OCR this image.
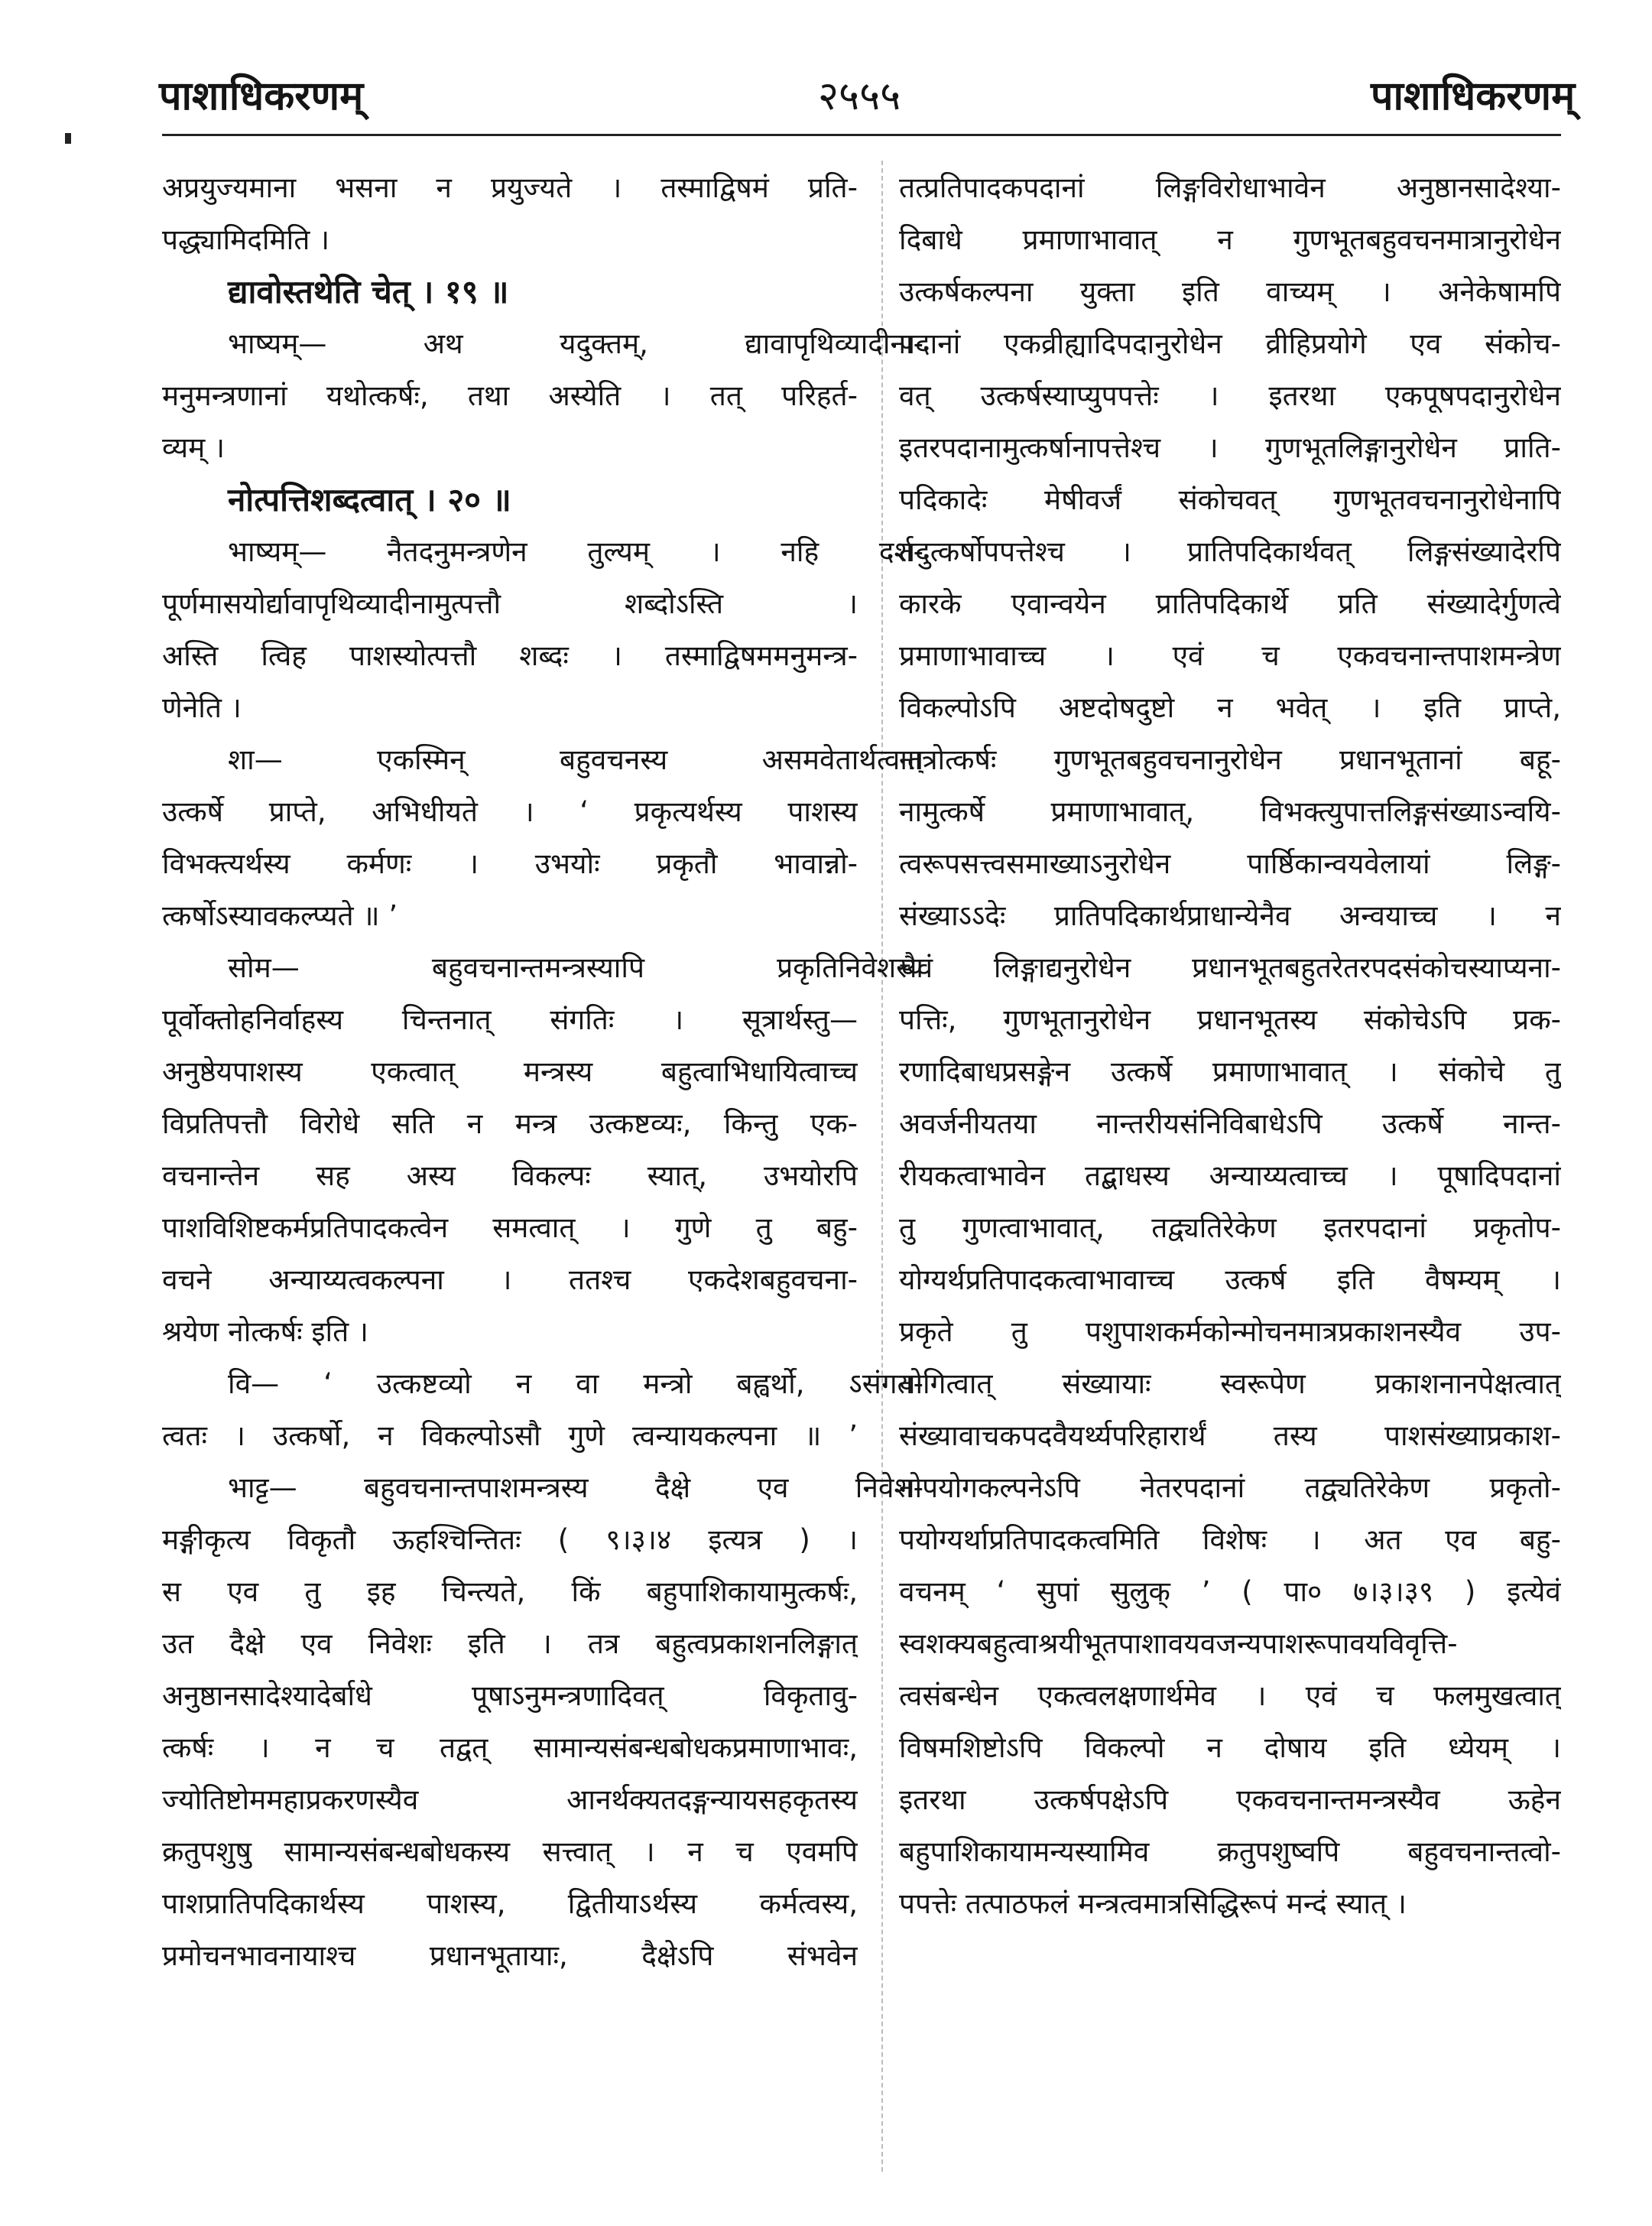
पाशाधिकरणम्	२५५५	पाशाधिकरणम्
अप्रयुज्यमाना भसना न प्रयुज्यते । तस्माद्विषमं प्रति-
पद्ध्यामिदमिति ।
द्यावोस्तथेति चेत् । १९ ॥
भाष्यम्— अथ यदुक्तम्, द्यावापृथिव्यादीना-
मनुमन्त्रणानां यथोत्कर्षः, तथा अस्येति । तत् परिहर्त-
व्यम् ।
नोत्पत्तिशब्दत्वात् । २० ॥
भाष्यम्— नैतदनुमन्त्रणेन तुल्यम् । नहि दर्श-
पूर्णमासयोर्द्यावापृथिव्यादीनामुत्पत्तौ शब्दोऽस्ति ।
अस्ति त्विह पाशस्योत्पत्तौ शब्दः । तस्माद्विषममनुमन्त्र-
णेनेति ।
शा— एकस्मिन् बहुवचनस्य असमवेतार्थत्वात्
उत्कर्षे प्राप्ते, अभिधीयते । ‘ प्रकृत्यर्थस्य पाशस्य
विभक्त्यर्थस्य कर्मणः । उभयोः प्रकृतौ भावान्नो-
त्कर्षोऽस्यावकल्प्यते ॥ ’
सोम— बहुवचनान्तमन्त्रस्यापि प्रकृतिनिवेशस्य
पूर्वोक्तोहनिर्वाहस्य चिन्तनात् संगतिः । सूत्रार्थस्तु—
अनुष्ठेयपाशस्य एकत्वात् मन्त्रस्य बहुत्वाभिधायित्वाच्च
विप्रतिपत्तौ विरोधे सति न मन्त्र उत्कष्टव्यः, किन्तु एक-
वचनान्तेन सह अस्य विकल्पः स्यात्, उभयोरपि
पाशविशिष्टकर्मप्रतिपादकत्वेन समत्वात् । गुणे तु बहु-
वचने अन्याय्यत्वकल्पना । ततश्च एकदेशबहुवचना-
श्रयेण नोत्कर्षः इति ।
वि— ‘ उत्कष्टव्यो न वा मन्त्रो बह्वर्थो, ऽसंगत-
त्वतः । उत्कर्षो, न विकल्पोऽसौ गुणे त्वन्यायकल्पना ॥ ’
भाट्ट— बहुवचनान्तपाशमन्त्रस्य दैक्षे एव निवेश-
मङ्गीकृत्य विकृतौ ऊहश्चिन्तितः ( ९।३।४ इत्यत्र ) ।
स एव तु इह चिन्त्यते, किं बहुपाशिकायामुत्कर्षः,
उत दैक्षे एव निवेशः इति । तत्र बहुत्वप्रकाशनलिङ्गात्
अनुष्ठानसादेश्यादेर्बाधे पूषाऽनुमन्त्रणादिवत् विकृतावु-
त्कर्षः । न च तद्वत् सामान्यसंबन्धबोधकप्रमाणाभावः,
ज्योतिष्टोममहाप्रकरणस्यैव आनर्थक्यतदङ्गन्यायसहकृतस्य
क्रतुपशुषु सामान्यसंबन्धबोधकस्य सत्त्वात् । न च एवमपि
पाशप्रातिपदिकार्थस्य पाशस्य, द्वितीयाऽर्थस्य कर्मत्वस्य,
प्रमोचनभावनायाश्च प्रधानभूतायाः, दैक्षेऽपि संभवेन
तत्प्रतिपादकपदानां लिङ्गविरोधाभावेन अनुष्ठानसादेश्या-
दिबाधे प्रमाणाभावात् न गुणभूतबहुवचनमात्रानुरोधेन
उत्कर्षकल्पना युक्ता इति वाच्यम् । अनेकेषामपि
पदानां एकव्रीह्यादिपदानुरोधेन व्रीहिप्रयोगे एव संकोच-
वत् उत्कर्षस्याप्युपपत्तेः । इतरथा एकपूषपदानुरोधेन
इतरपदानामुत्कर्षानापत्तेश्च । गुणभूतलिङ्गानुरोधेन प्राति-
पदिकादेः मेषीवर्जं संकोचवत् गुणभूतवचनानुरोधेनापि
तदुत्कर्षोपपत्तेश्च । प्रातिपदिकार्थवत् लिङ्गसंख्यादेरपि
कारके एवान्वयेन प्रातिपदिकार्थे प्रति संख्यादेर्गुणत्वे
प्रमाणाभावाच्च । एवं च एकवचनान्तपाशमन्त्रेण
विकल्पोऽपि अष्टदोषदुष्टो न भवेत् । इति प्राप्ते,
नात्रोत्कर्षः गुणभूतबहुवचनानुरोधेन प्रधानभूतानां बहू-
नामुत्कर्षे प्रमाणाभावात्, विभक्त्युपात्तलिङ्गसंख्याऽन्वयि-
त्वरूपसत्त्वसमाख्याऽनुरोधेन पार्ष्ठिकान्वयवेलायां लिङ्ग-
संख्याऽऽदेः प्रातिपदिकार्थप्राधान्येनैव अन्वयाच्च । न
चैवं लिङ्गाद्यनुरोधेन प्रधानभूतबहुतरेतरपदसंकोचस्याप्यना-
पत्तिः, गुणभूतानुरोधेन प्रधानभूतस्य संकोचेऽपि प्रक-
रणादिबाधप्रसङ्गेन उत्कर्षे प्रमाणाभावात् । संकोचे तु
अवर्जनीयतया नान्तरीयसंनिविबाधेऽपि उत्कर्षे नान्त-
रीयकत्वाभावेन तद्बाधस्य अन्याय्यत्वाच्च । पूषादिपदानां
तु गुणत्वाभावात्, तद्व्यतिरेकेण इतरपदानां प्रकृतोप-
योग्यर्थप्रतिपादकत्वाभावाच्च उत्कर्ष इति वैषम्यम् ।
प्रकृते तु पशुपाशकर्मकोन्मोचनमात्रप्रकाशनस्यैव उप-
योगित्वात् संख्यायाः स्वरूपेण प्रकाशनानपेक्षत्वात्
संख्यावाचकपदवैयर्थ्यपरिहारार्थं तस्य पाशसंख्याप्रकाश-
नोपयोगकल्पनेऽपि नेतरपदानां तद्व्यतिरेकेण प्रकृतो-
पयोग्यर्थाप्रतिपादकत्वमिति विशेषः । अत एव बहु-
वचनम् ‘ सुपां सुलुक् ’ ( पा० ७।३।३९ ) इत्येवं
स्वशक्यबहुत्वाश्रयीभूतपाशावयवजन्यपाशरूपावयविवृत्ति-
त्वसंबन्धेन एकत्वलक्षणार्थमेव । एवं च फलमुखत्वात्
विषमशिष्टोऽपि विकल्पो न दोषाय इति ध्येयम् ।
इतरथा उत्कर्षपक्षेऽपि एकवचनान्तमन्त्रस्यैव ऊहेन
बहुपाशिकायामन्यस्यामिव क्रतुपशुष्वपि बहुवचनान्तत्वो-
पपत्तेः तत्पाठफलं मन्त्रत्वमात्रसिद्धिरूपं मन्दं स्यात् ।
